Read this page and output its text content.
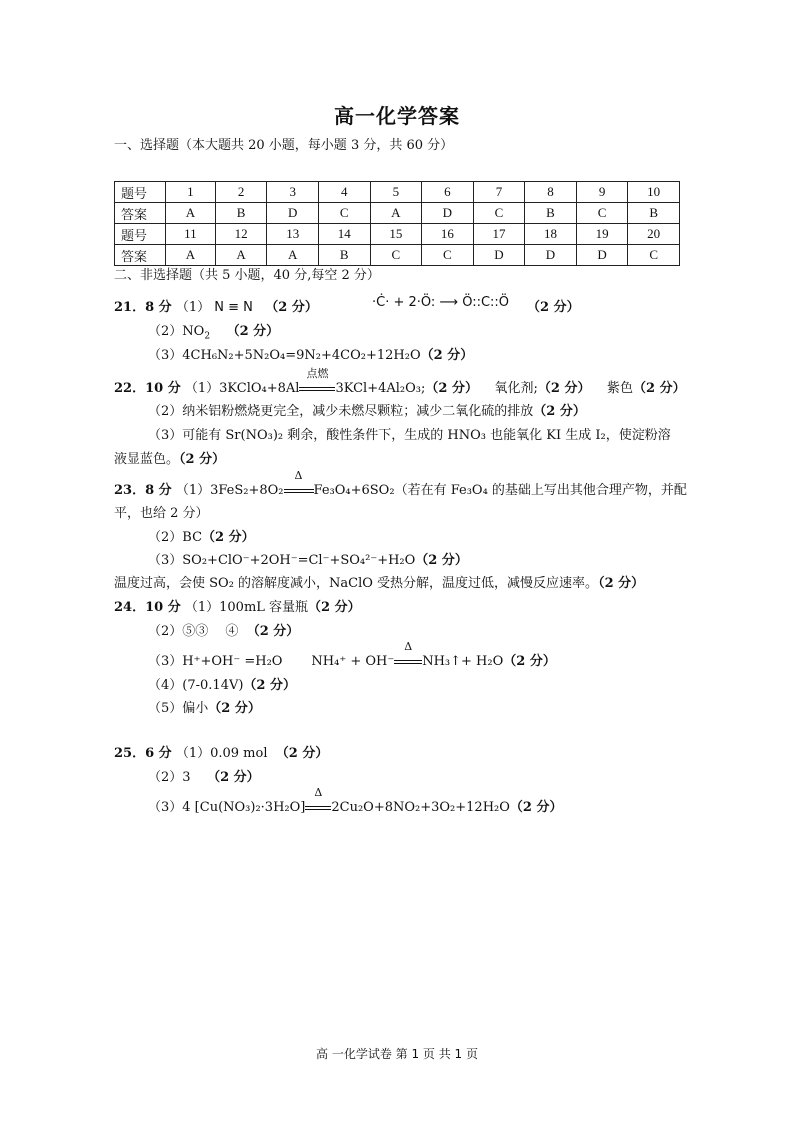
高一化学答案
一、选择题（本大题共 20 小题，每小题 3 分，共 60 分）
题号	1	2	3	4	5	6	7	8	9	10
答案	A	B	D	C	A	D	C	B	C	B
题号	11	12	13	14	15	16	17	18	19	20
答案	A	A	A	B	C	C	D	D	D	C
二、非选择题（共 5 小题，40 分,每空 2 分）
21．8 分 （1） N ≡ N （2 分）	·Ċ· + 2·Ö: ⟶ Ö::C::Ö （2 分）
$(2)NO_2$ （2 分）
（3）4CH₆N₂+5N₂O₄=9N₂+4CO₂+12H₂O（2 分）
22．10 分 （1）3KClO₄+8Al
点燃
3KCl+4Al₂O₃;（2 分） 氧化剂;（2 分） 紫色（2 分）
（2）纳米铝粉燃烧更完全，减少未燃尽颗粒；减少二氧化硫的排放（2 分）
（3）可能有 Sr(NO₃)₂ 剩余，酸性条件下，生成的 HNO₃ 也能氧化 KI 生成 I₂，使淀粉溶
液显蓝色。（2 分）
23．8 分 （1）3FeS₂+8O₂
Δ
Fe₃O₄+6SO₂（若在有 Fe₃O₄ 的基础上写出其他合理产物，并配
平，也给 2 分）
（2）BC（2 分）
（3）SO₂+ClO⁻+2OH⁻=Cl⁻+SO₄²⁻+H₂O（2 分）
温度过高，会使 SO₂ 的溶解度减小，NaClO 受热分解，温度过低，减慢反应速率。（2 分）
24．10 分 （1）100mL 容量瓶（2 分）
（2）⑤③　 ④ （2 分）
（3）H⁺+OH⁻ =H₂O NH₄⁺ + OH⁻
Δ
NH₃↑+ H₂O（2 分）
（4）(7-0.14V)（2 分）
（5）偏小（2 分）
25．6 分 （1）0.09 mol （2 分）
（2）3 （2 分）
（3）4 [Cu(NO₃)₂·3H₂O]
Δ
2Cu₂O+8NO₂+3O₂+12H₂O（2 分）
高 一化学试卷 第 1 页 共 1 页
